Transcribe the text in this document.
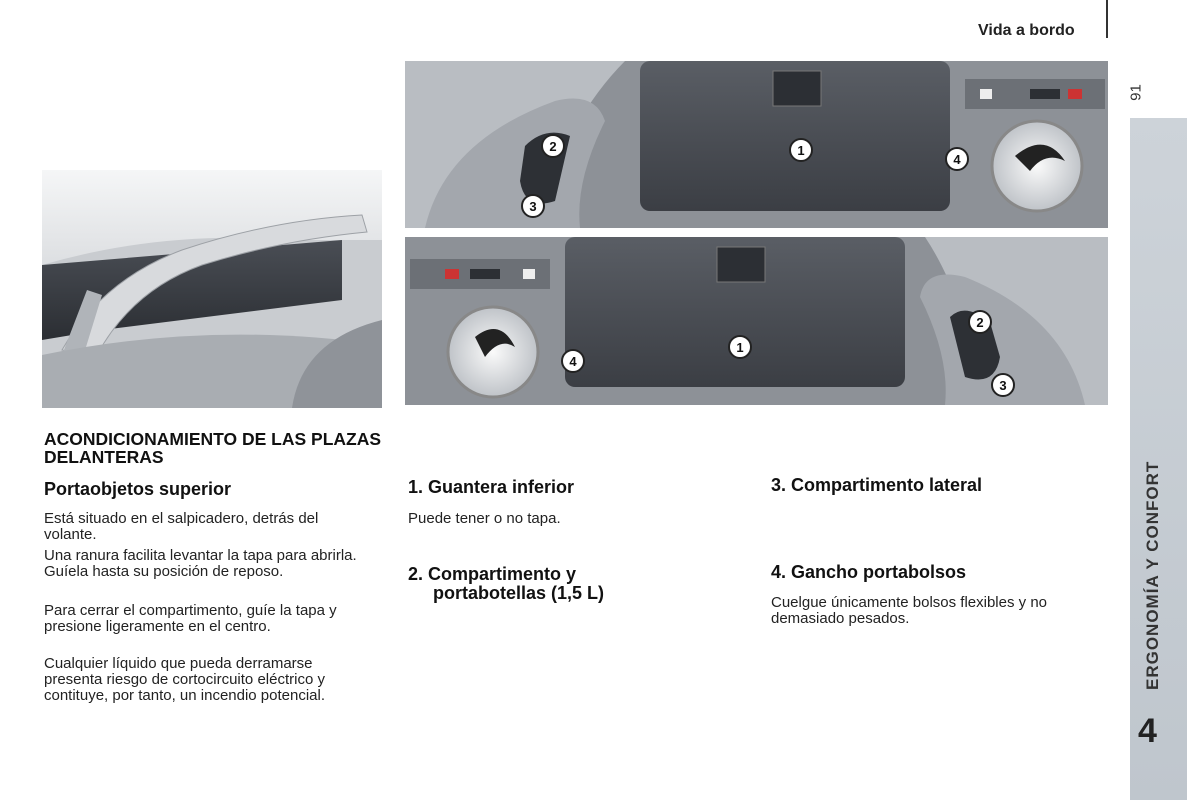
Vida a bordo
91
ERGONOMÍA Y CONFORT
4
2
3
1
4
2
3
1
4
ACONDICIONAMIENTO DE LAS PLAZAS DELANTERAS
Portaobjetos superior
Está situado en el salpicadero, detrás del volante.
Una ranura facilita levantar la tapa para abrirla. Guíela hasta su posición de reposo.
Para cerrar el compartimento, guíe la tapa y presione ligeramente en el centro.
Cualquier líquido que pueda derramarse presenta riesgo de cortocircuito eléctrico y contituye, por tanto, un incendio potencial.
1. Guantera inferior
Puede tener o no tapa.
2. Compartimento y
portabotellas (1,5 L)
3. Compartimento lateral
4. Gancho portabolsos
Cuelgue únicamente bolsos flexibles y no demasiado pesados.
